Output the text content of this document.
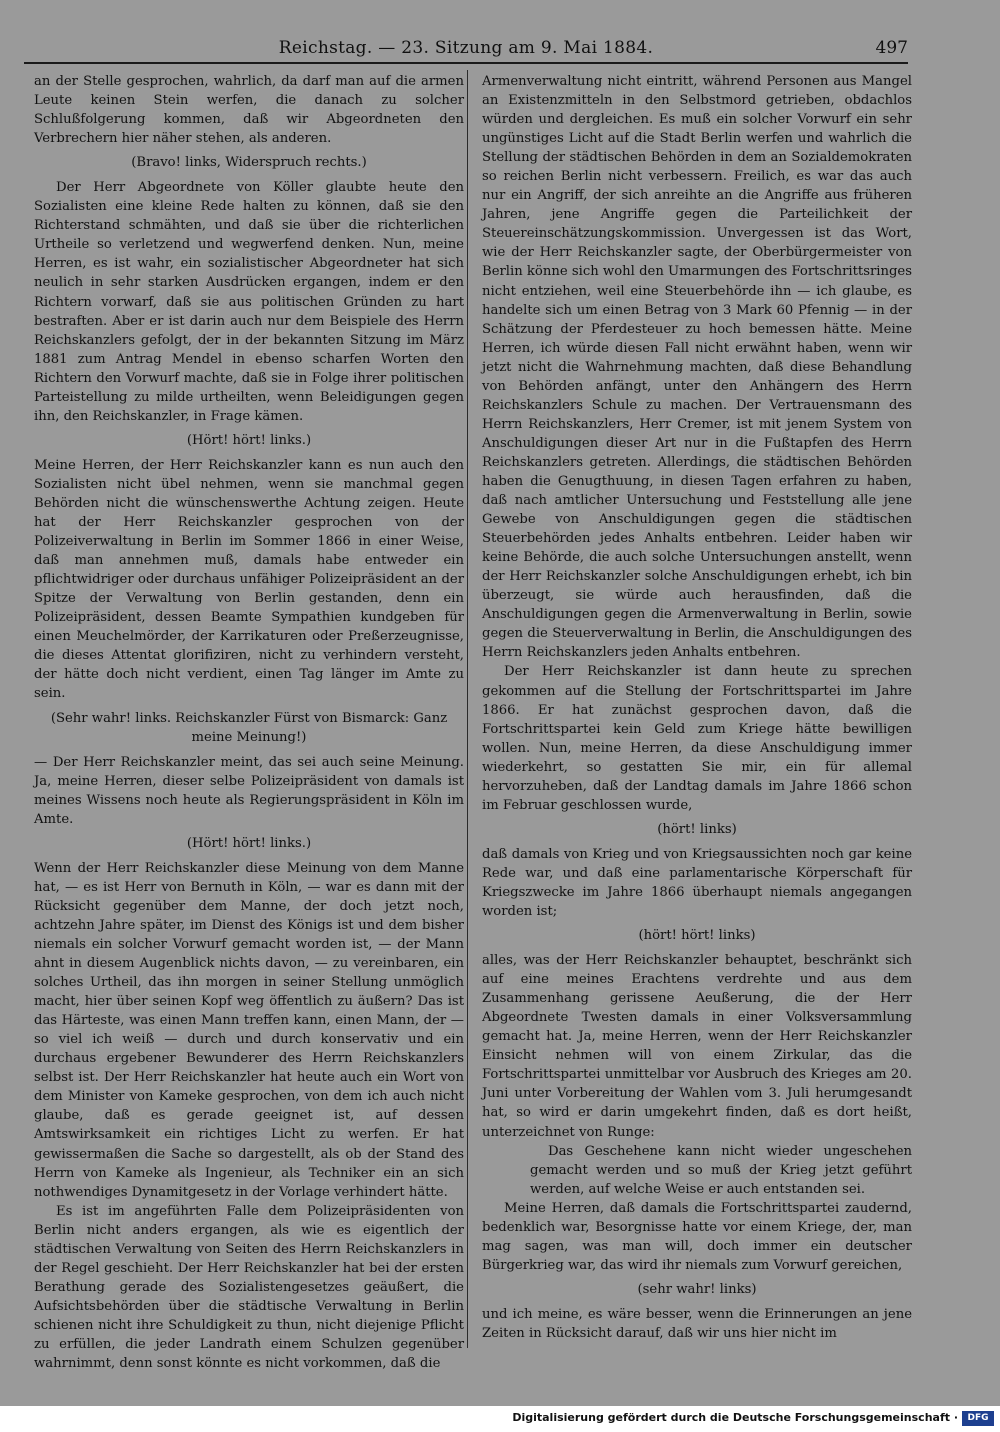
Reichstag. — 23. Sitzung am 9. Mai 1884.	497

an der Stelle gesprochen, wahrlich, da darf man auf die armen Leute keinen Stein werfen, die danach zu solcher Schlußfolgerung kommen, daß wir Abgeordneten den Verbrechern hier näher stehen, als anderen.

(Bravo! links, Widerspruch rechts.)

Der Herr Abgeordnete von Köller glaubte heute den Sozialisten eine kleine Rede halten zu können, daß sie den Richterstand schmähten, und daß sie über die richterlichen Urtheile so verletzend und wegwerfend denken. Nun, meine Herren, es ist wahr, ein sozialistischer Abgeordneter hat sich neulich in sehr starken Ausdrücken ergangen, indem er den Richtern vorwarf, daß sie aus politischen Gründen zu hart bestraften. Aber er ist darin auch nur dem Beispiele des Herrn Reichskanzlers gefolgt, der in der bekannten Sitzung im März 1881 zum Antrag Mendel in ebenso scharfen Worten den Richtern den Vorwurf machte, daß sie in Folge ihrer politischen Parteistellung zu milde urtheilten, wenn Beleidigungen gegen ihn, den Reichskanzler, in Frage kämen.

(Hört! hört! links.)

Meine Herren, der Herr Reichskanzler kann es nun auch den Sozialisten nicht übel nehmen, wenn sie manchmal gegen Behörden nicht die wünschenswerthe Achtung zeigen. Heute hat der Herr Reichskanzler gesprochen von der Polizeiverwaltung in Berlin im Sommer 1866 in einer Weise, daß man annehmen muß, damals habe entweder ein pflichtwidriger oder durchaus unfähiger Polizeipräsident an der Spitze der Verwaltung von Berlin gestanden, denn ein Polizeipräsident, dessen Beamte Sympathien kundgeben für einen Meuchelmörder, der Karrikaturen oder Preßerzeugnisse, die dieses Attentat glorifiziren, nicht zu verhindern versteht, der hätte doch nicht verdient, einen Tag länger im Amte zu sein.

(Sehr wahr! links. Reichskanzler Fürst von Bismarck: Ganz meine Meinung!)

— Der Herr Reichskanzler meint, das sei auch seine Meinung. Ja, meine Herren, dieser selbe Polizeipräsident von damals ist meines Wissens noch heute als Regierungspräsident in Köln im Amte.

(Hört! hört! links.)

Wenn der Herr Reichskanzler diese Meinung von dem Manne hat, — es ist Herr von Bernuth in Köln, — war es dann mit der Rücksicht gegenüber dem Manne, der doch jetzt noch, achtzehn Jahre später, im Dienst des Königs ist und dem bisher niemals ein solcher Vorwurf gemacht worden ist, — der Mann ahnt in diesem Augenblick nichts davon, — zu vereinbaren, ein solches Urtheil, das ihn morgen in seiner Stellung unmöglich macht, hier über seinen Kopf weg öffentlich zu äußern? Das ist das Härteste, was einen Mann treffen kann, einen Mann, der — so viel ich weiß — durch und durch konservativ und ein durchaus ergebener Bewunderer des Herrn Reichskanzlers selbst ist. Der Herr Reichskanzler hat heute auch ein Wort von dem Minister von Kameke gesprochen, von dem ich auch nicht glaube, daß es gerade geeignet ist, auf dessen Amtswirksamkeit ein richtiges Licht zu werfen. Er hat gewissermaßen die Sache so dargestellt, als ob der Stand des Herrn von Kameke als Ingenieur, als Techniker ein an sich nothwendiges Dynamitgesetz in der Vorlage verhindert hätte.

Es ist im angeführten Falle dem Polizeipräsidenten von Berlin nicht anders ergangen, als wie es eigentlich der städtischen Verwaltung von Seiten des Herrn Reichskanzlers in der Regel geschieht. Der Herr Reichskanzler hat bei der ersten Berathung gerade des Sozialistengesetzes geäußert, die Aufsichtsbehörden über die städtische Verwaltung in Berlin schienen nicht ihre Schuldigkeit zu thun, nicht diejenige Pflicht zu erfüllen, die jeder Landrath einem Schulzen gegenüber wahrnimmt, denn sonst könnte es nicht vorkommen, daß die

Armenverwaltung nicht eintritt, während Personen aus Mangel an Existenzmitteln in den Selbstmord getrieben, obdachlos würden und dergleichen. Es muß ein solcher Vorwurf ein sehr ungünstiges Licht auf die Stadt Berlin werfen und wahrlich die Stellung der städtischen Behörden in dem an Sozialdemokraten so reichen Berlin nicht verbessern. Freilich, es war das auch nur ein Angriff, der sich anreihte an die Angriffe aus früheren Jahren, jene Angriffe gegen die Parteilichkeit der Steuereinschätzungskommission. Unvergessen ist das Wort, wie der Herr Reichskanzler sagte, der Oberbürgermeister von Berlin könne sich wohl den Umarmungen des Fortschrittsringes nicht entziehen, weil eine Steuerbehörde ihn — ich glaube, es handelte sich um einen Betrag von 3 Mark 60 Pfennig — in der Schätzung der Pferdesteuer zu hoch bemessen hätte. Meine Herren, ich würde diesen Fall nicht erwähnt haben, wenn wir jetzt nicht die Wahrnehmung machten, daß diese Behandlung von Behörden anfängt, unter den Anhängern des Herrn Reichskanzlers Schule zu machen. Der Vertrauensmann des Herrn Reichskanzlers, Herr Cremer, ist mit jenem System von Anschuldigungen dieser Art nur in die Fußtapfen des Herrn Reichskanzlers getreten. Allerdings, die städtischen Behörden haben die Genugthuung, in diesen Tagen erfahren zu haben, daß nach amtlicher Untersuchung und Feststellung alle jene Gewebe von Anschuldigungen gegen die städtischen Steuerbehörden jedes Anhalts entbehren. Leider haben wir keine Behörde, die auch solche Untersuchungen anstellt, wenn der Herr Reichskanzler solche Anschuldigungen erhebt, ich bin überzeugt, sie würde auch herausfinden, daß die Anschuldigungen gegen die Armenverwaltung in Berlin, sowie gegen die Steuerverwaltung in Berlin, die Anschuldigungen des Herrn Reichskanzlers jeden Anhalts entbehren.

Der Herr Reichskanzler ist dann heute zu sprechen gekommen auf die Stellung der Fortschrittspartei im Jahre 1866. Er hat zunächst gesprochen davon, daß die Fortschrittspartei kein Geld zum Kriege hätte bewilligen wollen. Nun, meine Herren, da diese Anschuldigung immer wiederkehrt, so gestatten Sie mir, ein für allemal hervorzuheben, daß der Landtag damals im Jahre 1866 schon im Februar geschlossen wurde,

(hört! links)

daß damals von Krieg und von Kriegsaussichten noch gar keine Rede war, und daß eine parlamentarische Körperschaft für Kriegszwecke im Jahre 1866 überhaupt niemals angegangen worden ist;

(hört! hört! links)

alles, was der Herr Reichskanzler behauptet, beschränkt sich auf eine meines Erachtens verdrehte und aus dem Zusammenhang gerissene Aeußerung, die der Herr Abgeordnete Twesten damals in einer Volksversammlung gemacht hat. Ja, meine Herren, wenn der Herr Reichskanzler Einsicht nehmen will von einem Zirkular, das die Fortschrittspartei unmittelbar vor Ausbruch des Krieges am 20. Juni unter Vorbereitung der Wahlen vom 3. Juli herumgesandt hat, so wird er darin umgekehrt finden, daß es dort heißt, unterzeichnet von Runge:

Das Geschehene kann nicht wieder ungeschehen gemacht werden und so muß der Krieg jetzt geführt werden, auf welche Weise er auch entstanden sei.

Meine Herren, daß damals die Fortschrittspartei zaudernd, bedenklich war, Besorgnisse hatte vor einem Kriege, der, man mag sagen, was man will, doch immer ein deutscher Bürgerkrieg war, das wird ihr niemals zum Vorwurf gereichen,

(sehr wahr! links)

und ich meine, es wäre besser, wenn die Erinnerungen an jene Zeiten in Rücksicht darauf, daß wir uns hier nicht im

Digitalisierung gefördert durch die Deutsche Forschungsgemeinschaft ·	DFG
